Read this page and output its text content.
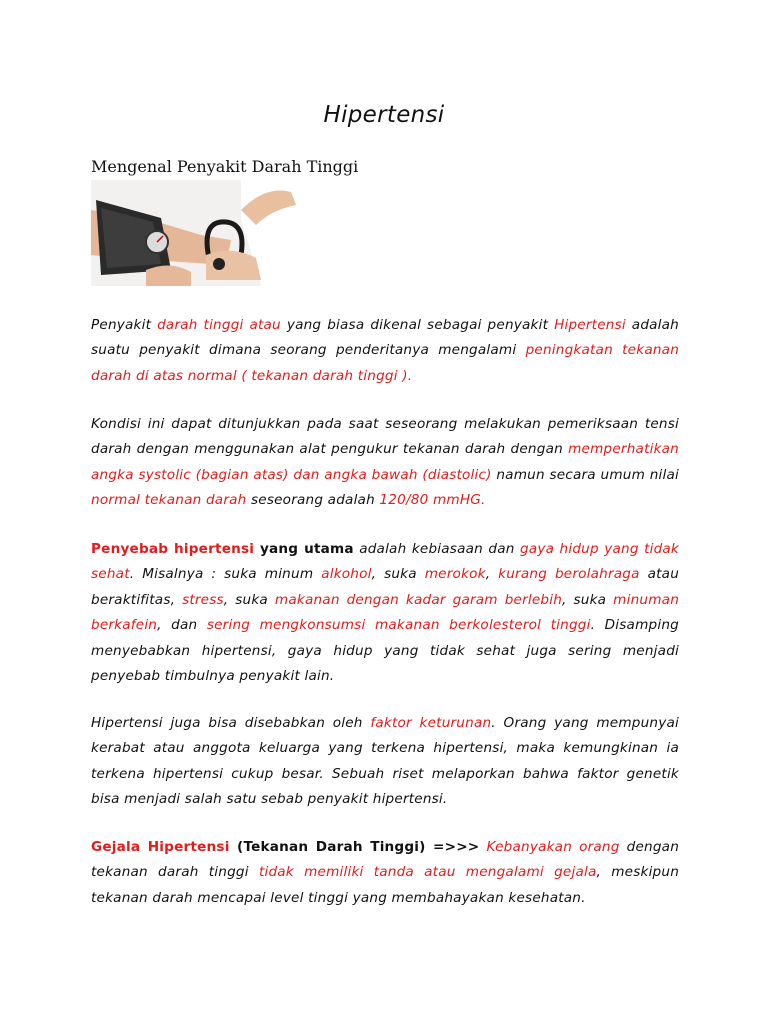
Hipertensi
Mengenal Penyakit Darah Tinggi

Penyakit darah tinggi atau yang biasa dikenal sebagai penyakit Hipertensi adalah suatu penyakit dimana seorang penderitanya mengalami peningkatan tekanan darah di atas normal ( tekanan darah tinggi ).

Kondisi ini dapat ditunjukkan pada saat seseorang melakukan pemeriksaan tensi darah dengan menggunakan alat pengukur tekanan darah dengan memperhatikan angka systolic (bagian atas) dan angka bawah (diastolic) namun secara umum nilai normal tekanan darah seseorang adalah 120/80 mmHG.

Penyebab hipertensi yang utama adalah kebiasaan dan gaya hidup yang tidak sehat. Misalnya : suka minum alkohol, suka merokok, kurang berolahraga atau beraktifitas, stress, suka makanan dengan kadar garam berlebih, suka minuman berkafein, dan sering mengkonsumsi makanan berkolesterol tinggi. Disamping menyebabkan hipertensi, gaya hidup yang tidak sehat juga sering menjadi penyebab timbulnya penyakit lain.

Hipertensi juga bisa disebabkan oleh faktor keturunan. Orang yang mempunyai kerabat atau anggota keluarga yang terkena hipertensi, maka kemungkinan ia terkena hipertensi cukup besar. Sebuah riset melaporkan bahwa faktor genetik bisa menjadi salah satu sebab penyakit hipertensi.

Gejala Hipertensi (Tekanan Darah Tinggi) =>>> Kebanyakan orang dengan tekanan darah tinggi tidak memiliki tanda atau mengalami gejala, meskipun tekanan darah mencapai level tinggi yang membahayakan kesehatan.
